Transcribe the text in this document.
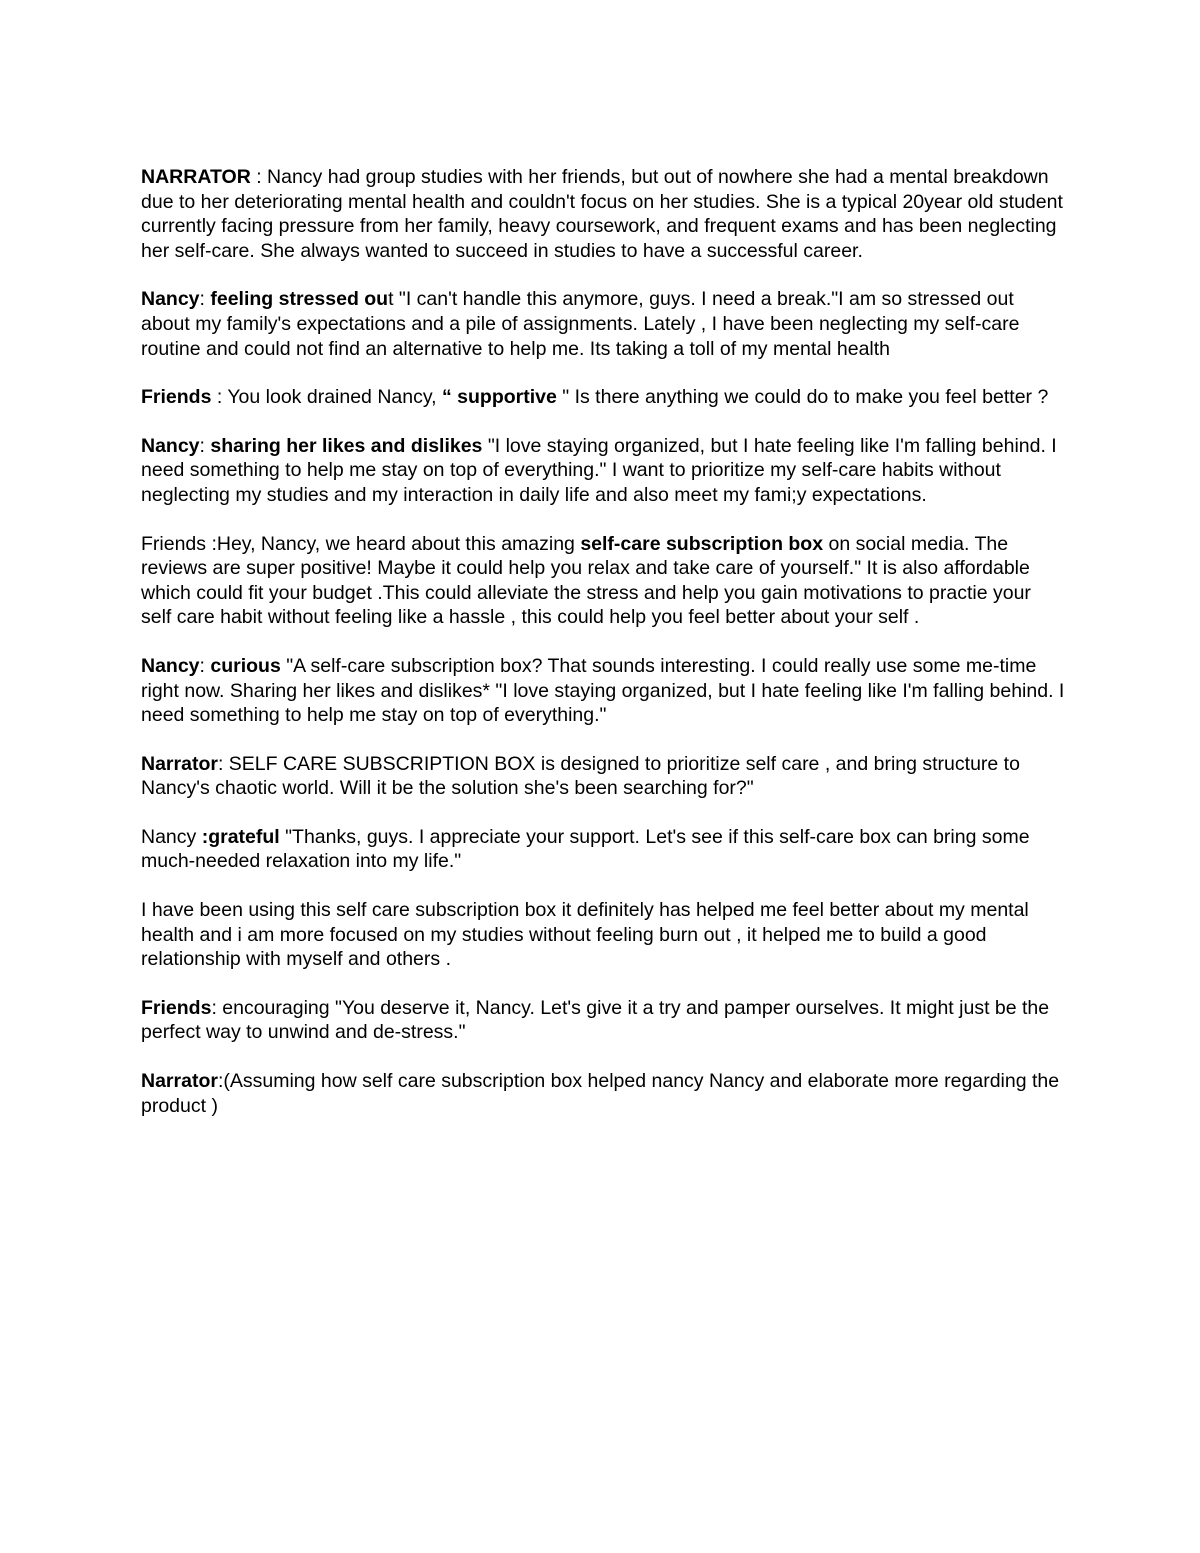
NARRATOR : Nancy had group studies with her friends, but out of nowhere she had a mental breakdown due to her deteriorating mental health and couldn't focus on her studies. She is a typical 20year old student currently facing pressure from her family, heavy coursework, and frequent exams and has been neglecting her self-care. She always wanted to succeed in studies to have a successful career.

Nancy: feeling stressed out "I can't handle this anymore, guys. I need a break."I am so stressed out about my family's expectations and a pile of assignments. Lately , I have been neglecting my self-care routine and could not find an alternative to help me. Its taking a toll of my mental health

Friends : You look drained Nancy, “ supportive " Is there anything we could do to make you feel better ?

Nancy: sharing her likes and dislikes "I love staying organized, but I hate feeling like I'm falling behind. I need something to help me stay on top of everything." I want to prioritize my self-care habits without neglecting my studies and my interaction in daily life and also meet my fami;y expectations.

Friends :Hey, Nancy, we heard about this amazing self-care subscription box on social media. The reviews are super positive! Maybe it could help you relax and take care of yourself." It is also affordable which could fit your budget .This could alleviate the stress and help you gain motivations to practie your self care habit without feeling like a hassle , this could help you feel better about your self .

Nancy: curious "A self-care subscription box? That sounds interesting. I could really use some me-time right now. Sharing her likes and dislikes* "I love staying organized, but I hate feeling like I'm falling behind. I need something to help me stay on top of everything."

Narrator: SELF CARE SUBSCRIPTION BOX is designed to prioritize self care , and bring structure to Nancy's chaotic world. Will it be the solution she's been searching for?"

Nancy :grateful "Thanks, guys. I appreciate your support. Let's see if this self-care box can bring some much-needed relaxation into my life."

I have been using this self care subscription box it definitely has helped me feel better about my mental health and i am more focused on my studies without feeling burn out , it helped me to build a good relationship with myself and others .

Friends: encouraging "You deserve it, Nancy. Let's give it a try and pamper ourselves. It might just be the perfect way to unwind and de-stress."

Narrator:(Assuming how self care subscription box helped nancy Nancy and elaborate more regarding the product )
